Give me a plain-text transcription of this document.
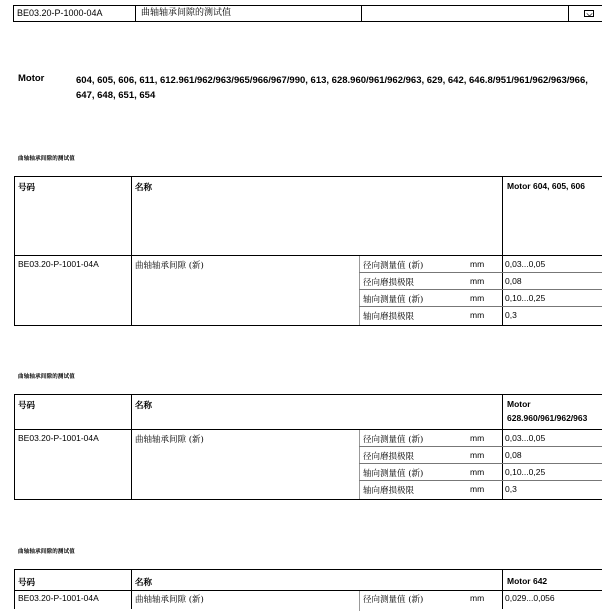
BE03.20-P-1000-04A	曲轴轴承间隙的测试值
Motor	604, 605, 606, 611, 612.961/962/963/965/966/967/990, 613, 628.960/961/962/963, 629, 642, 646.8/951/961/962/963/966, 647, 648, 651, 654
曲轴轴承间隙的测试值
号码	名称	Motor 604, 605, 606
BE03.20-P-1001-04A	曲轴轴承间隙 (新)	径向测量值 (新)	mm 0,03...0,05
径向磨损极限	mm 0,08
轴向测量值 (新)	mm 0,10...0,25
轴向磨损极限	mm 0,3
曲轴轴承间隙的测试值
号码	名称	Motor
628.960/961/962/963
BE03.20-P-1001-04A	曲轴轴承间隙 (新)	径向测量值 (新)	mm 0,03...0,05
径向磨损极限	mm 0,08
轴向测量值 (新)	mm 0,10...0,25
轴向磨损极限	mm 0,3
曲轴轴承间隙的测试值
号码	名称	Motor 642
BE03.20-P-1001-04A	曲轴轴承间隙 (新)	径向测量值 (新)	mm 0,029...0,056
